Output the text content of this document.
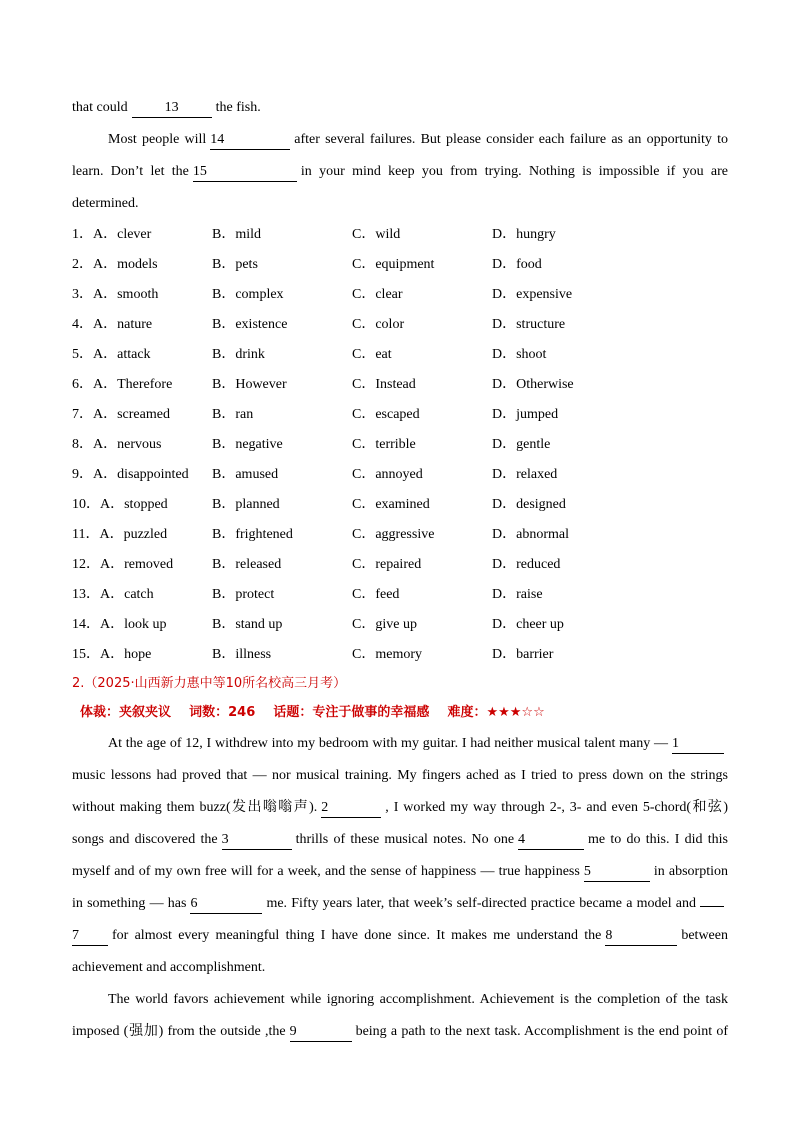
that could	13	the fish.
Most people will 14	after several failures. But please consider each failure as an opportunity to
learn. Don’t let the 15	in your mind keep you from trying. Nothing is impossible if you are
determined.
1．A．clever	B．mild	C．wild	D．hungry
2．A．models	B．pets	C．equipment	D．food
3．A．smooth	B．complex	C．clear	D．expensive
4．A．nature	B．existence	C．color	D．structure
5．A．attack	B．drink	C．eat	D．shoot
6．A．Therefore	B．However	C．Instead	D．Otherwise
7．A．screamed	B．ran	C．escaped	D．jumped
8．A．nervous	B．negative	C．terrible	D．gentle
9．A．disappointed B．amused	C．annoyed	D．relaxed
10．A．stopped	B．planned	C．examined	D．designed
11．A．puzzled	B．frightened	C．aggressive	D．abnormal
12．A．removed	B．released	C．repaired	D．reduced
13．A．catch	B．protect	C．feed	D．raise
14．A．look up	B．stand up	C．give up	D．cheer up
15．A．hope	B．illness	C．memory	D．barrier
2.（2025·山西新力惠中等10所名校高三月考）
体裁：夹叙夹议    词数：246    话题：专注于做事的幸福感    难度：★★★☆☆
At the age of 12, I withdrew into my bedroom with my guitar. I had neither musical talent many — 1
music lessons had proved that — nor musical training. My fingers ached as I tried to press down on the strings
without making them buzz(发出嗡嗡声). 2	, I worked my way through 2-, 3- and even 5-chord(和弦)
songs and discovered the 3	thrills of these musical notes. No one 4	me to do this. I did this
myself and of my own free will for a week, and the sense of happiness — true happiness 5	in absorption
in something — has 6	me. Fifty years later, that week’s self-directed practice became a model and
7 for almost every meaningful thing I have done since. It makes me understand the 8	between
achievement and accomplishment.
The world favors achievement while ignoring accomplishment. Achievement is the completion of the task
imposed (强加) from the outside ,the 9	being a path to the next task. Accomplishment is the end point of
